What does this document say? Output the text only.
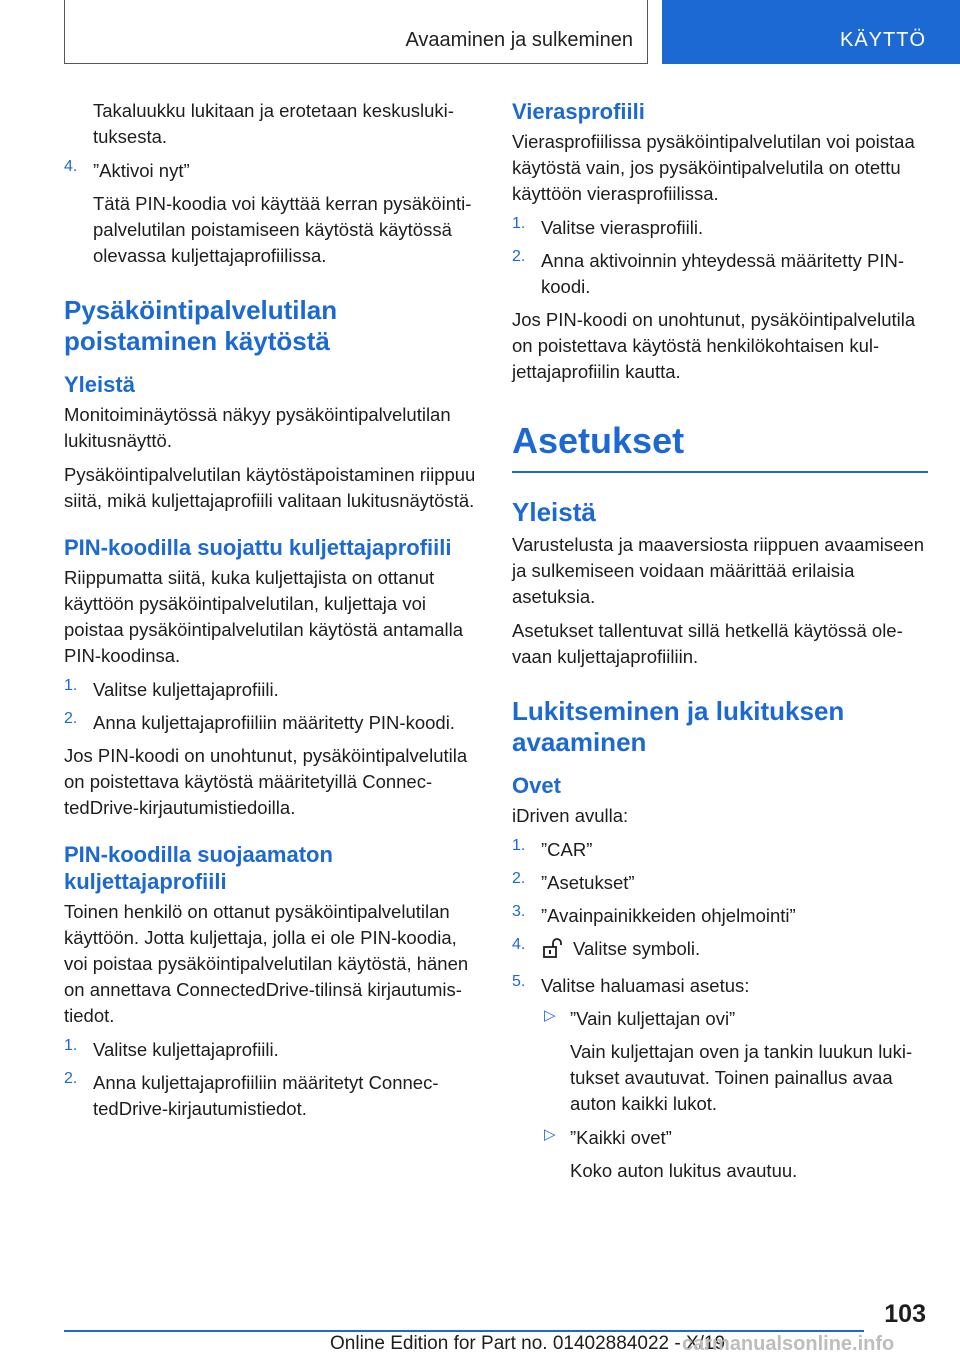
Avaaminen ja sulkeminen	KÄYTTÖ

Takaluukku lukitaan ja erotetaan keskuslukituksesta.

4. ”Aktivoi nyt”

Tätä PIN-koodia voi käyttää kerran pysäköintipalvelutilan poistamiseen käytöstä käytössä olevassa kuljettajaprofiilissa.

Pysäköintipalvelutilan poistaminen käytöstä
Yleistä

Monitoiminäytössä näkyy pysäköintipalvelutilan lukitusnäyttö.

Pysäköintipalvelutilan käytöstäpoistaminen riippuu siitä, mikä kuljettajaprofiili valitaan lukitusnäytöstä.

PIN-koodilla suojattu kuljettajaprofiili

Riippumatta siitä, kuka kuljettajista on ottanut käyttöön pysäköintipalvelutilan, kuljettaja voi poistaa pysäköintipalvelutilan käytöstä antamalla PIN-koodinsa.

1. Valitse kuljettajaprofiili.

2. Anna kuljettajaprofiiliin määritetty PIN-koodi.

Jos PIN-koodi on unohtunut, pysäköintipalvelutila on poistettava käytöstä määritetyillä ConnectedDrive-kirjautumistiedoilla.

PIN-koodilla suojaamaton kuljettajaprofiili

Toinen henkilö on ottanut pysäköintipalvelutilan käyttöön. Jotta kuljettaja, jolla ei ole PIN-koodia, voi poistaa pysäköintipalvelutilan käytöstä, hänen on annettava ConnectedDrive-tilinsä kirjautumistiedot.

1. Valitse kuljettajaprofiili.

2. Anna kuljettajaprofiiliin määritetyt ConnectedDrive-kirjautumistiedot.

Vierasprofiili

Vierasprofiilissa pysäköintipalvelutilan voi poistaa käytöstä vain, jos pysäköintipalvelutila on otettu käyttöön vierasprofiilissa.

1. Valitse vierasprofiili.

2. Anna aktivoinnin yhteydessä määritetty PIN-koodi.

Jos PIN-koodi on unohtunut, pysäköintipalvelutila on poistettava käytöstä henkilökohtaisen kuljettajaprofiilin kautta.

Asetukset
Yleistä

Varustelusta ja maaversiosta riippuen avaamiseen ja sulkemiseen voidaan määrittää erilaisia asetuksia.

Asetukset tallentuvat sillä hetkellä käytössä olevaan kuljettajaprofiiliin.

Lukitseminen ja lukituksen avaaminen
Ovet

iDriven avulla:

1. ”CAR”

2. ”Asetukset”

3. ”Avainpainikkeiden ohjelmointi”

4.	Valitse symboli.

5. Valitse haluamasi asetus:

▷ ”Vain kuljettajan ovi”

Vain kuljettajan oven ja tankin luukun lukitukset avautuvat. Toinen painallus avaa auton kaikki lukot.

▷ ”Kaikki ovet”

Koko auton lukitus avautuu.

103
Online Edition for Part no. 01402884022 - X/19
carmanualsonline.info
